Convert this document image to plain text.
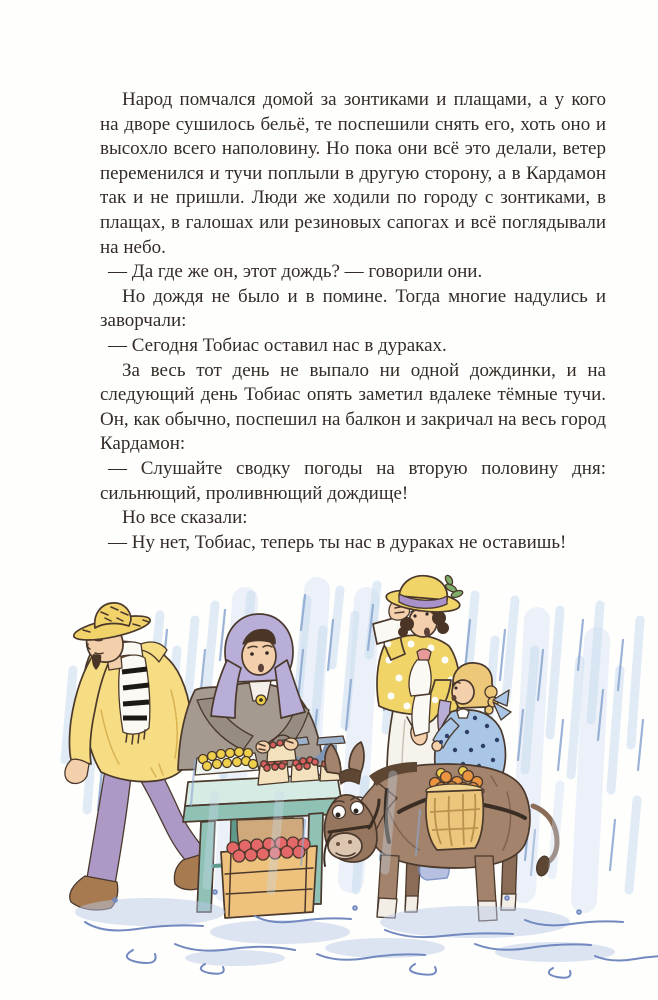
Народ помчался домой за зонтиками и плащами, а у кого на дворе сушилось бельё, те поспешили снять его, хоть оно и высохло всего наполовину. Но пока они всё это делали, ветер переменился и тучи поплыли в другую сторону, а в Кардамон так и не пришли. Люди же ходили по городу с зонтиками, в плащах, в галошах или резиновых сапогах и всё поглядывали на небо.

— Да где же он, этот дождь? — говорили они.

Но дождя не было и в помине. Тогда многие надулись и заворчали:

— Сегодня Тобиас оставил нас в дураках.

За весь тот день не выпало ни одной дождинки, и на следующий день Тобиас опять заметил вдалеке тёмные тучи. Он, как обычно, поспешил на балкон и закричал на весь город Кардамон:

— Слушайте сводку погоды на вторую половину дня: сильнющий, проливнющий дождище!

Но все сказали:

— Ну нет, Тобиас, теперь ты нас в дураках не оставишь!
